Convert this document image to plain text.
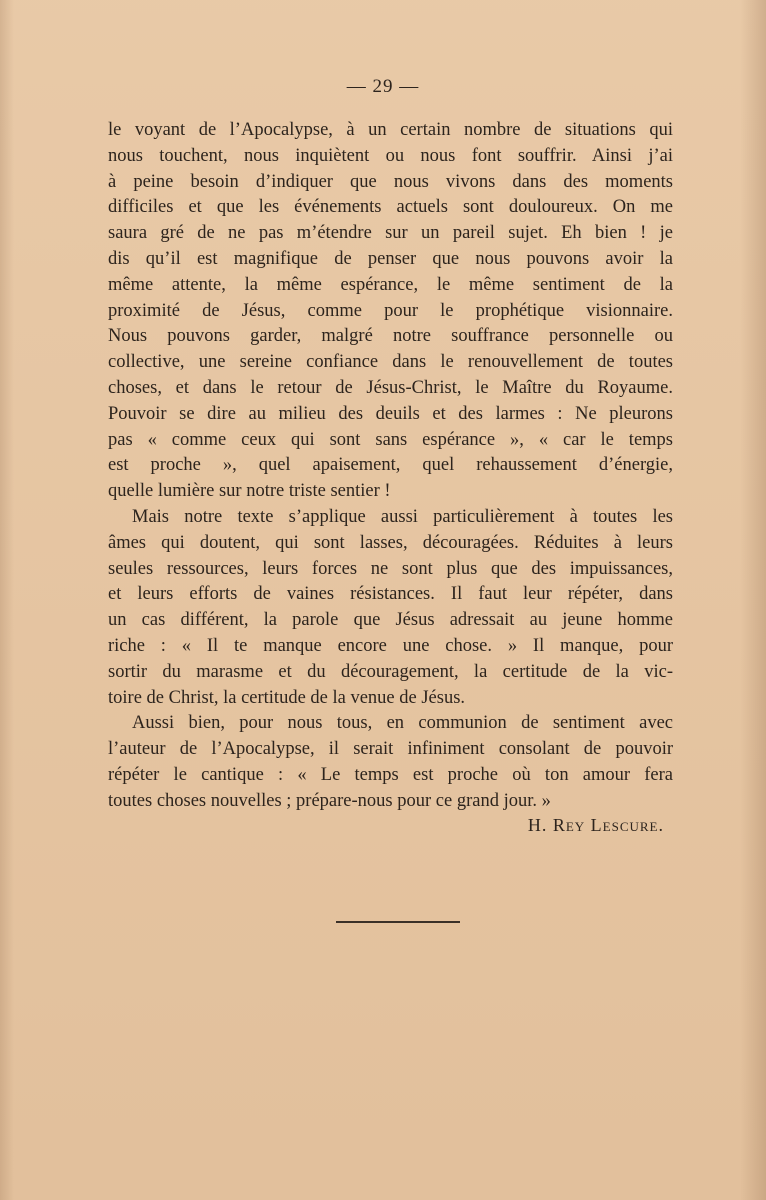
— 29 —
le voyant de l’Apocalypse, à un certain nombre de situations qui
nous touchent, nous inquiètent ou nous font souffrir. Ainsi j’ai
à peine besoin d’indiquer que nous vivons dans des moments
difficiles et que les événements actuels sont douloureux. On me
saura gré de ne pas m’étendre sur un pareil sujet. Eh bien ! je
dis qu’il est magnifique de penser que nous pouvons avoir la
même attente, la même espérance, le même sentiment de la
proximité de Jésus, comme pour le prophétique visionnaire.
Nous pouvons garder, malgré notre souffrance personnelle ou
collective, une sereine confiance dans le renouvellement de toutes
choses, et dans le retour de Jésus-Christ, le Maître du Royaume.
Pouvoir se dire au milieu des deuils et des larmes : Ne pleurons
pas « comme ceux qui sont sans espérance », « car le temps
est proche », quel apaisement, quel rehaussement d’énergie,
quelle lumière sur notre triste sentier !
Mais notre texte s’applique aussi particulièrement à toutes les
âmes qui doutent, qui sont lasses, découragées. Réduites à leurs
seules ressources, leurs forces ne sont plus que des impuissances,
et leurs efforts de vaines résistances. Il faut leur répéter, dans
un cas différent, la parole que Jésus adressait au jeune homme
riche : « Il te manque encore une chose. » Il manque, pour
sortir du marasme et du découragement, la certitude de la vic-
toire de Christ, la certitude de la venue de Jésus.
Aussi bien, pour nous tous, en communion de sentiment avec
l’auteur de l’Apocalypse, il serait infiniment consolant de pouvoir
répéter le cantique : « Le temps est proche où ton amour fera
toutes choses nouvelles ; prépare-nous pour ce grand jour. »
H. Rey Lescure.
